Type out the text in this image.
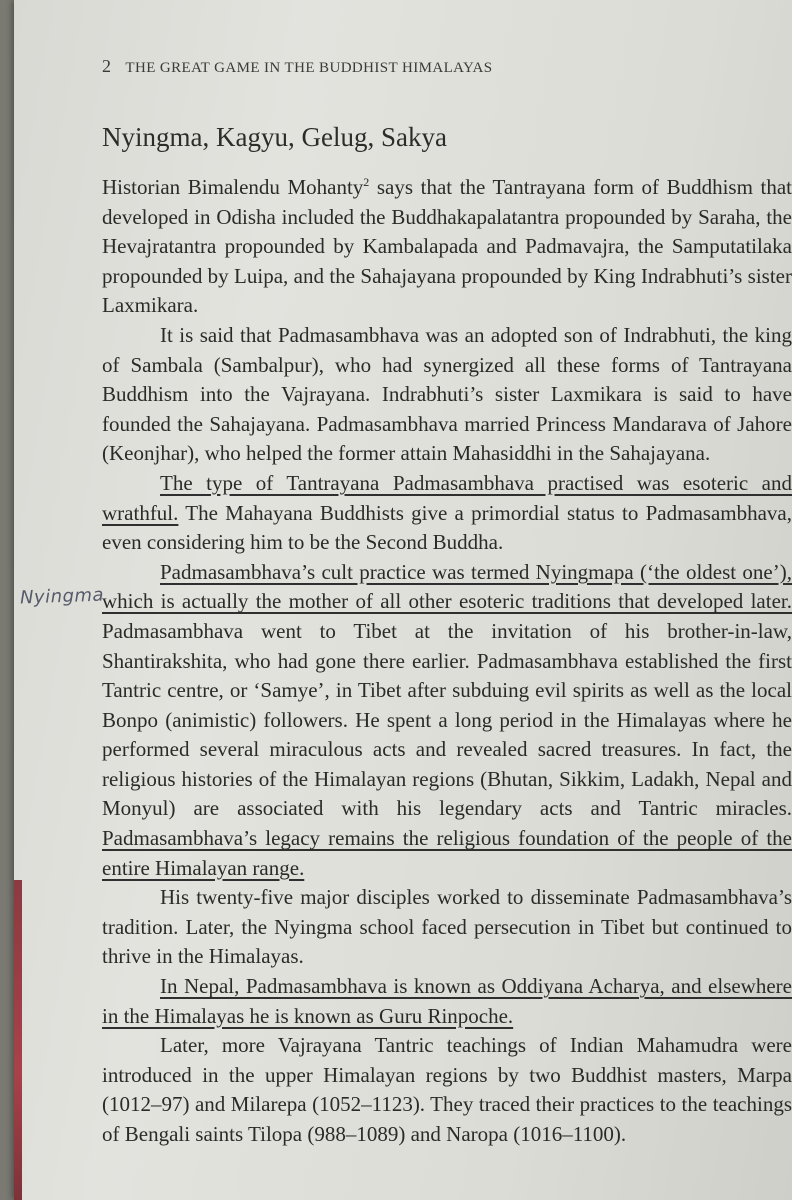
2 THE GREAT GAME IN THE BUDDHIST HIMALAYAS
Nyingma, Kagyu, Gelug, Sakya
Nyingma

Historian Bimalendu Mohanty$^2$ says that the Tantrayana form of Buddhism that developed in Odisha included the Buddhakapalatantra propounded by Saraha, the Hevajratantra propounded by Kambalapada and Padmavajra, the Samputatilaka propounded by Luipa, and the Sahajayana propounded by King Indrabhuti’s sister Laxmikara.

It is said that Padmasambhava was an adopted son of Indrabhuti, the king of Sambala (Sambalpur), who had synergized all these forms of Tantrayana Buddhism into the Vajrayana. Indrabhuti’s sister Laxmikara is said to have founded the Sahajayana. Padmasambhava married Princess Mandarava of Jahore (Keonjhar), who helped the former attain Mahasiddhi in the Sahajayana.

The type of Tantrayana Padmasambhava practised was esoteric and wrathful. The Mahayana Buddhists give a primordial status to Padmasambhava, even considering him to be the Second Buddha.

Padmasambhava’s cult practice was termed Nyingmapa (‘the oldest one’), which is actually the mother of all other esoteric traditions that developed later. Padmasambhava went to Tibet at the invitation of his brother-in-law, Shantirakshita, who had gone there earlier. Padmasambhava established the first Tantric centre, or ‘Samye’, in Tibet after subduing evil spirits as well as the local Bonpo (animistic) followers. He spent a long period in the Himalayas where he performed several miraculous acts and revealed sacred treasures. In fact, the religious histories of the Himalayan regions (Bhutan, Sikkim, Ladakh, Nepal and Monyul) are associated with his legendary acts and Tantric miracles. Padmasambhava’s legacy remains the religious foundation of the people of the entire Himalayan range.

His twenty-five major disciples worked to disseminate Padmasambhava’s tradition. Later, the Nyingma school faced persecution in Tibet but continued to thrive in the Himalayas.

In Nepal, Padmasambhava is known as Oddiyana Acharya, and elsewhere in the Himalayas he is known as Guru Rinpoche.

Later, more Vajrayana Tantric teachings of Indian Mahamudra were introduced in the upper Himalayan regions by two Buddhist masters, Marpa (1012–97) and Milarepa (1052–1123). They traced their practices to the teachings of Bengali saints Tilopa (988–1089) and Naropa (1016–1100).
